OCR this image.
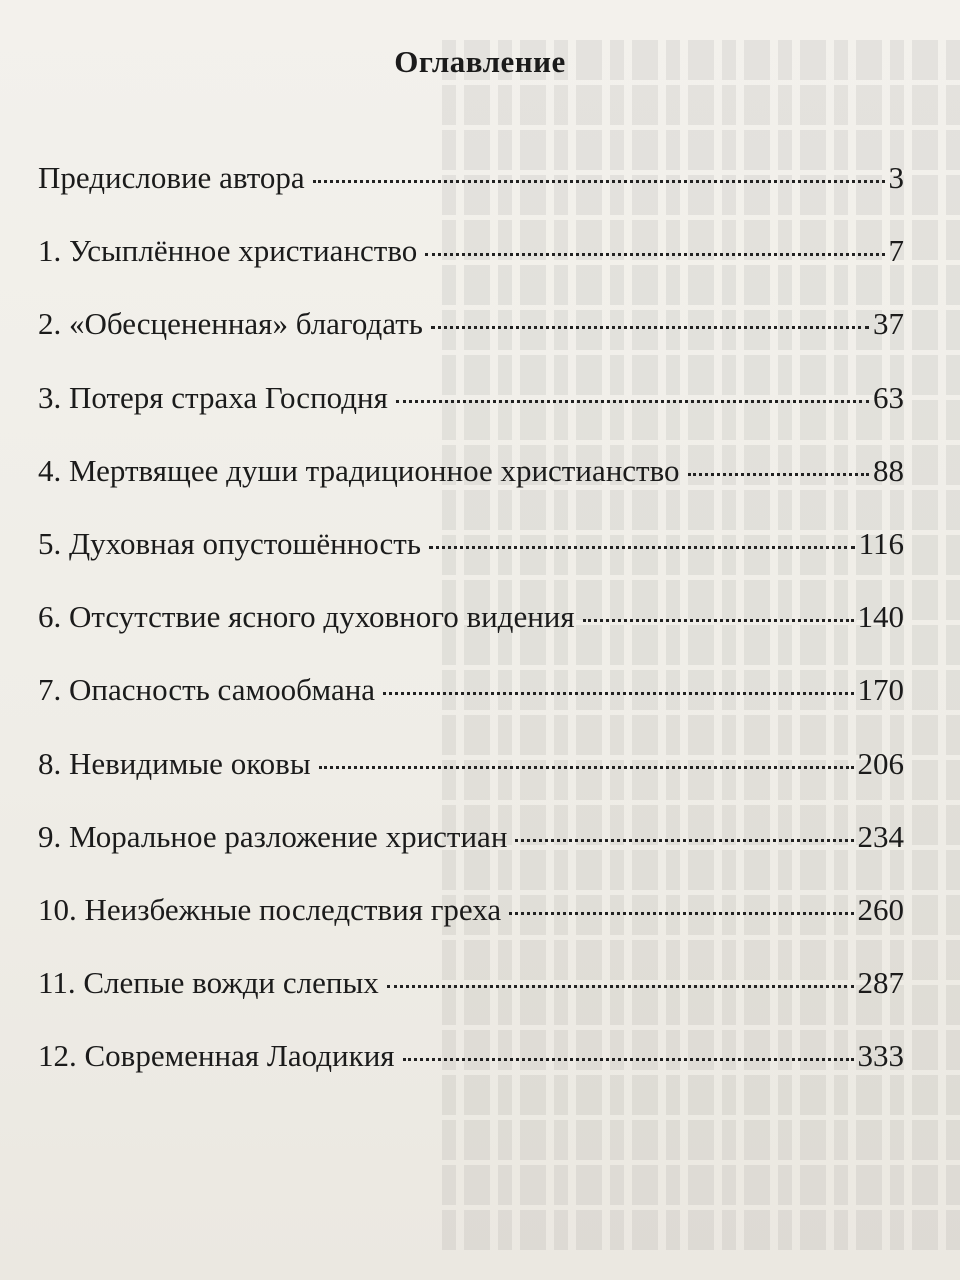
Оглавление
Предисловие автора	3
1. Усыплённое христианство	7
2. «Обесцененная» благодать	37
3. Потеря страха Господня	63
4. Мертвящее души традиционное христианство	88
5. Духовная опустошённость	116
6. Отсутствие ясного духовного видения	140
7. Опасность самообмана	170
8. Невидимые оковы	206
9. Моральное разложение христиан	234
10. Неизбежные последствия греха	260
11. Слепые вожди слепых	287
12. Современная Лаодикия	333
